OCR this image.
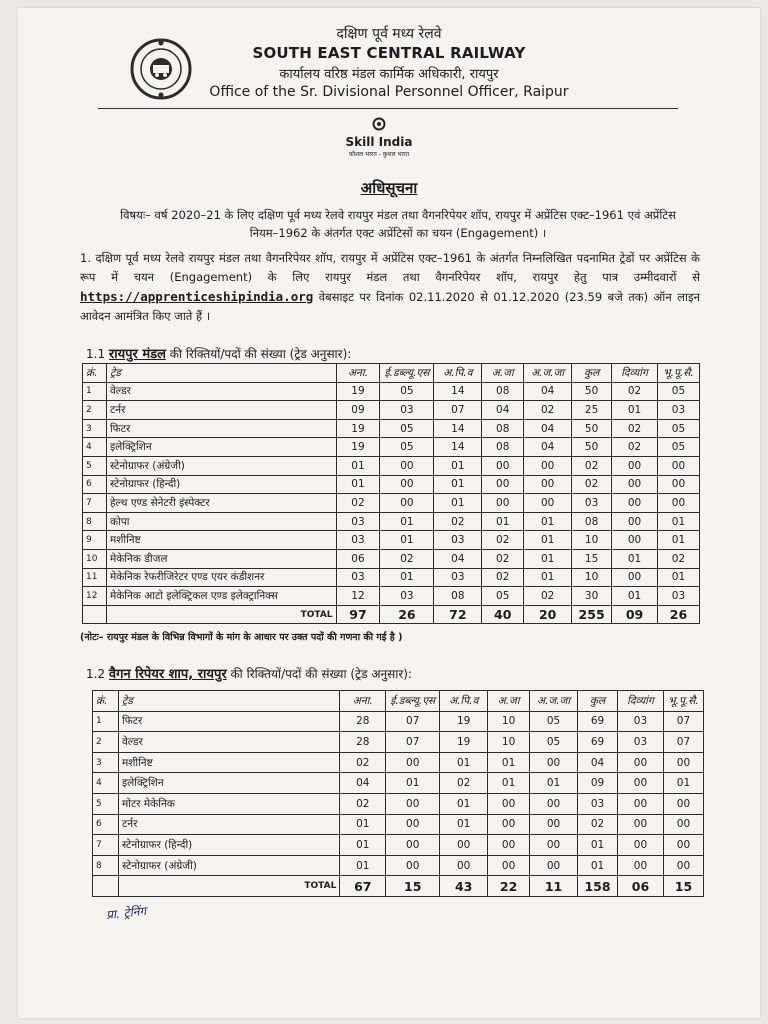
दक्षिण पूर्व मध्य रेलवे
SOUTH EAST CENTRAL RAILWAY
कार्यालय वरिष्ठ मंडल कार्मिक अधिकारी, रायपुर
Office of the Sr. Divisional Personnel Officer, Raipur
Skill India
कौशल भारत - कुशल भारत
अधिसूचना
विषयः– वर्ष 2020–21 के लिए दक्षिण पूर्व मध्य रेलवे रायपुर मंडल तथा वैगनरिपेयर शॉप, रायपुर में अप्रेंटिस एक्ट–1961 एवं अप्रेंटिस नियम–1962 के अंतर्गत एक्ट अप्रेंटिसों का चयन (Engagement) ।
1. दक्षिण पूर्व मध्य रेलवे रायपुर मंडल तथा वैगनरिपेयर शॉप, रायपुर में अप्रेंटिस एक्ट–1961 के अंतर्गत निम्नलिखित पदनामित ट्रेडों पर अप्रेंटिस के रूप में चयन (Engagement) के लिए रायपुर मंडल तथा वैगनरिपेयर शॉप, रायपुर हेतु पात्र उम्मीदवारों से https://apprenticeshipindia.org वेबसाइट पर दिनांक 02.11.2020 से 01.12.2020 (23.59 बजे तक) ऑन लाइन आवेदन आमंत्रित किए जाते हैं ।
1.1 रायपुर मंडल की रिक्तियों/पदों की संख्या (ट्रेड अनुसार):
क्रं.	ट्रेड	अना.	ई.डब्ल्यू.एस	अ.पि.व	अ.जा	अ.ज.जा	कुल	दिव्यांग	भू.पू.सै.
1	वेल्डर	19	05	14	08	04	50	02	05
2	टर्नर	09	03	07	04	02	25	01	03
3	फिटर	19	05	14	08	04	50	02	05
4	इलेक्ट्रिशिन	19	05	14	08	04	50	02	05
5	स्टेनोग्राफर (अंग्रेजी)	01	00	01	00	00	02	00	00
6	स्टेनोग्राफर (हिन्दी)	01	00	01	00	00	02	00	00
7	हेल्थ एण्ड सेनेटरी इंस्पेक्टर	02	00	01	00	00	03	00	00
8	कोपा	03	01	02	01	01	08	00	01
9	मशीनिष्ट	03	01	03	02	01	10	00	01
10	मेकेनिक डीजल	06	02	04	02	01	15	01	02
11	मेकेनिक रेफरीजिरेटर एण्ड एयर कंडीशनर	03	01	03	02	01	10	00	01
12	मेकेनिक आटो इलेक्ट्रिकल एण्ड इलेक्ट्रानिक्स	12	03	08	05	02	30	01	03
	TOTAL	97	26	72	40	20	255	09	26
(नोटः– रायपुर मंडल के विभिन्न विभागों के मांग के आधार पर उक्त पदों की गणना की गई है )
1.2 वैगन रिपेयर शाप, रायपुर की रिक्तियों/पदों की संख्या (ट्रेड अनुसार):
क्रं.	ट्रेड	अना.	ई.डब्ल्यू.एस	अ.पि.व	अ.जा	अ.ज.जा	कुल	दिव्यांग	भू.पू.सै.
1	फिटर	28	07	19	10	05	69	03	07
2	वेल्डर	28	07	19	10	05	69	03	07
3	मशीनिष्ट	02	00	01	01	00	04	00	00
4	इलेक्ट्रिशिन	04	01	02	01	01	09	00	01
5	मोटर मेकेनिक	02	00	01	00	00	03	00	00
6	टर्नर	01	00	01	00	00	02	00	00
7	स्टेनोग्राफर (हिन्दी)	01	00	00	00	00	01	00	00
8	स्टेनोग्राफर (अंग्रेजी)	01	00	00	00	00	01	00	00
	TOTAL	67	15	43	22	11	158	06	15
प्रा. ट्रेनिंग
